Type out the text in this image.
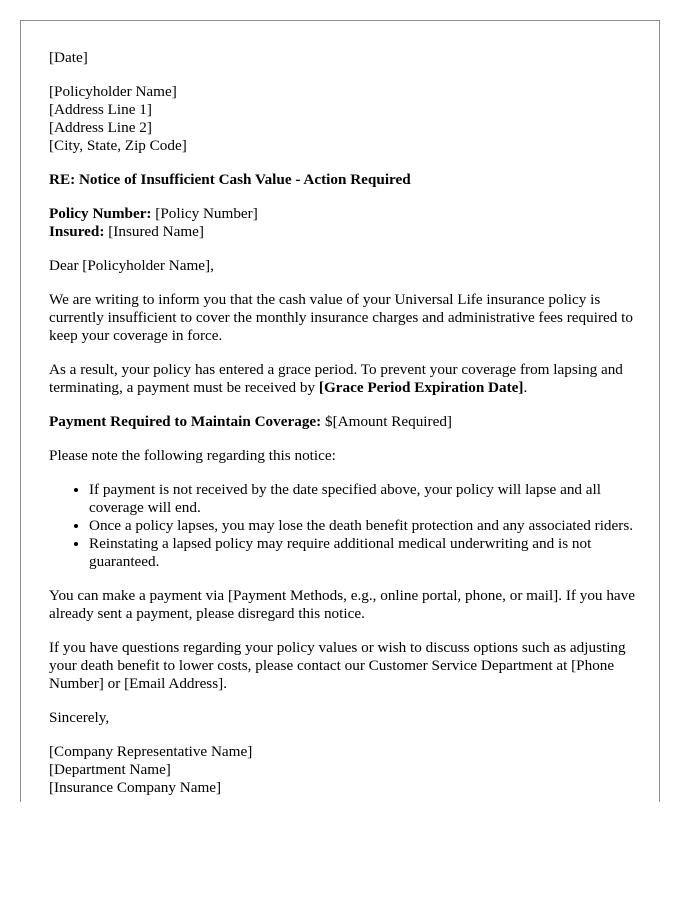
[Date]

[Policyholder Name]
[Address Line 1]
[Address Line 2]
[City, State, Zip Code]

RE: Notice of Insufficient Cash Value - Action Required

Policy Number: [Policy Number]
Insured: [Insured Name]

Dear [Policyholder Name],

We are writing to inform you that the cash value of your Universal Life insurance policy is currently insufficient to cover the monthly insurance charges and administrative fees required to keep your coverage in force.

As a result, your policy has entered a grace period. To prevent your coverage from lapsing and terminating, a payment must be received by [Grace Period Expiration Date].

Payment Required to Maintain Coverage: $[Amount Required]

Please note the following regarding this notice:

• If payment is not received by the date specified above, your policy will lapse and all coverage will end.
• Once a policy lapses, you may lose the death benefit protection and any associated riders.
• Reinstating a lapsed policy may require additional medical underwriting and is not guaranteed.

You can make a payment via [Payment Methods, e.g., online portal, phone, or mail]. If you have already sent a payment, please disregard this notice.

If you have questions regarding your policy values or wish to discuss options such as adjusting your death benefit to lower costs, please contact our Customer Service Department at [Phone Number] or [Email Address].

Sincerely,

[Company Representative Name]
[Department Name]
[Insurance Company Name]
